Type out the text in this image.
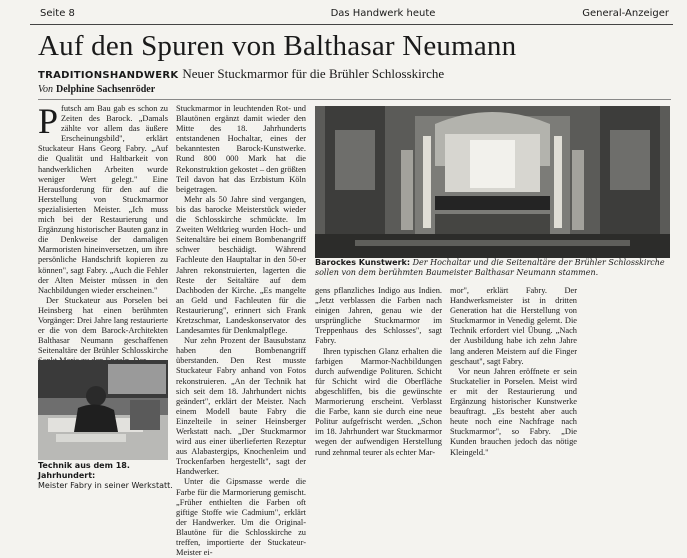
Seite 8	Das Handwerk heute	General-Anzeiger
Auf den Spuren von Balthasar Neumann
TRADITIONSHANDWERK Neuer Stuckmarmor für die Brühler Schlosskirche
Von Delphine Sachsenröder

Pfutsch am Bau gab es schon zu Zeiten des Barock. „Damals zählte vor allem das äußere Erscheinungsbild", erklärt Stuckateur Hans Georg Fabry. „Auf die Qualität und Haltbarkeit von handwerklichen Arbeiten wurde weniger Wert gelegt." Eine Herausforderung für den auf die Herstellung von Stuckmarmor spezialisierten Meister. „Ich muss mich bei der Restaurierung und Ergänzung historischer Bauten ganz in die Denkweise der damaligen Marmoristen hineinversetzen, um ihre persönliche Handschrift kopieren zu können", sagt Fabry. „Auch die Fehler der Alten Meister müssen in den Nachbildungen wieder erscheinen."

Der Stuckateur aus Porselen bei Heinsberg hat einen berühmten Vorgänger: Drei Jahre lang restaurierte er die von dem Barock-Architekten Balthasar Neumann geschaffenen Seitenaltäre der Brühler Schlosskirche

Technik aus dem 18. Jahrhundert:
Meister Fabry in seiner Werkstatt.

Stuckmarmor in leuchtenden Rot- und Blautönen ergänzt damit wieder den Mitte des 18. Jahrhunderts entstandenen Hochaltar, eines der bekanntesten Barock-Kunstwerke. Rund 800 000 Mark hat die Rekonstruktion gekostet – den größten Teil davon hat das Erzbistum Köln beigetragen.

Mehr als 50 Jahre sind vergangen, bis das barocke Meisterstück wieder die Schlosskirche schmückte. Im Zweiten Weltkrieg wurden Hoch- und Seitenaltäre bei einem Bombenangriff schwer beschädigt. Während Fachleute den Hauptaltar in den 50-er Jahren rekonstruierten, lagerten die Reste der Seitaltäre auf dem Dachboden der Kirche. „Es mangelte an Geld und Fachleuten für die Restaurierung", erinnert sich Frank Kretzschmar, Landeskonservator des Landesamtes für Denkmalpflege.

Nur zehn Prozent der Bausubstanz haben den Bombenangriff überstanden. Den Rest musste Stuckateur Fabry anhand von Fotos rekonstruieren. „An der Technik hat sich seit dem 18. Jahrhundert nichts geändert", erklärt der Meister. Nach einem Modell baute Fabry die Einzelteile in seiner Heinsberger Werkstatt nach. „Der Stuckmarmor wird aus einer überlieferten Rezeptur aus Alabastergips, Knochenleim und Trockenfarben hergestellt", sagt der Handwerker.

Unter die Gipsmasse werde die Farbe für die Marmorierung gemischt. „Früher enthielten die Farben oft giftige Stoffe wie Cadmium", erklärt der Handwerker. Um die Original-Blautöne für die Schlosskirche zu treffen, importierte der Stuckateur-Meister ei-

Barockes Kunstwerk: Der Hochaltar und die Seitenaltäre der Brühler Schlosskirche sollen von dem berühmten Baumeister Balthasar Neumann stammen.

gens pflanzliches Indigo aus Indien. „Jetzt verblassen die Farben nach einigen Jahren, genau wie der ursprüngliche Stuckmarmor im Treppenhaus des Schlosses", sagt Fabry.

Ihren typischen Glanz erhalten die farbigen Marmor-Nachbildungen durch aufwendige Polituren. Schicht für Schicht wird die Oberfläche abgeschliffen, bis die gewünschte Marmorierung erscheint. Verblasst die Farbe, kann sie durch eine neue Politur aufgefrischt werden. „Schon im 18. Jahrhundert war Stuckmarmor wegen der aufwendigen Herstellung rund zehnmal teurer als echter Mar-

mor", erklärt Fabry. Der Handwerksmeister ist in dritten Generation hat die Herstellung von Stuckmarmor in Venedig gelernt. Die Technik erfordert viel Übung. „Nach der Ausbildung habe ich zehn Jahre lang anderen Meistern auf die Finger geschaut", sagt Fabry.

Vor neun Jahren eröffnete er sein Stuckatelier in Porselen. Meist wird er mit der Restaurierung und Ergänzung historischer Kunstwerke beauftragt. „Es besteht aber auch heute noch eine Nachfrage nach Stuckmarmor", so Fabry. „Die Kunden brauchen jedoch das nötige Kleingeld."
